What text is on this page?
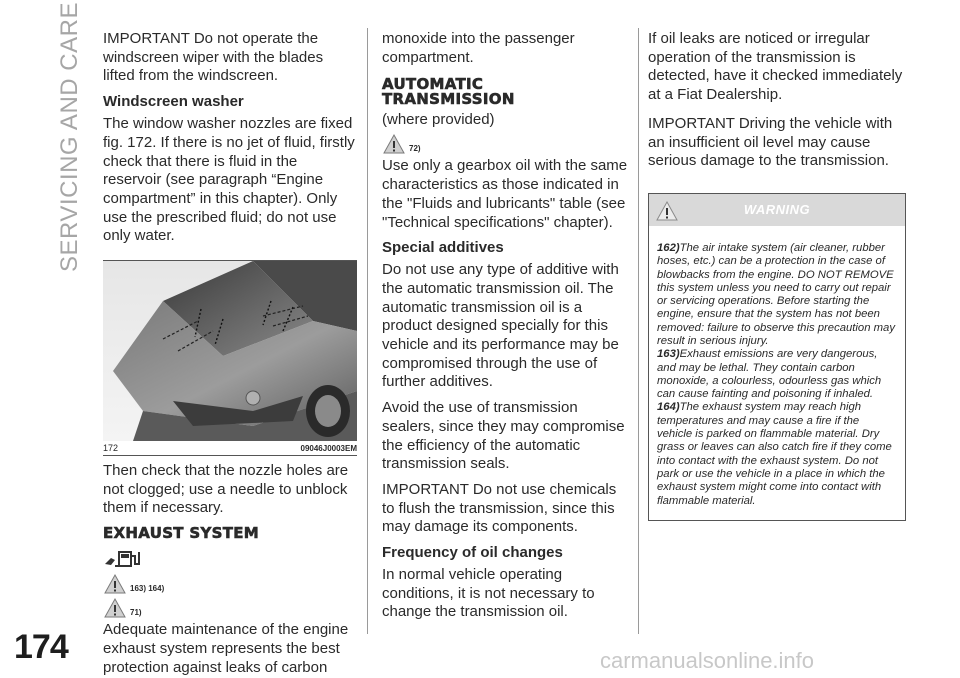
SERVICING AND CARE
174

IMPORTANT Do not operate the windscreen wiper with the blades lifted from the windscreen.

Windscreen washer

The window washer nozzles are fixed fig. 172. If there is no jet of fluid, firstly check that there is fluid in the reservoir (see paragraph “Engine compartment” in this chapter). Only use the prescribed fluid; do not use only water.

172	09046J0003EM

Then check that the nozzle holes are not clogged; use a needle to unblock them if necessary.

EXHAUST SYSTEM
163) 164)
71)

Adequate maintenance of the engine exhaust system represents the best protection against leaks of carbon

monoxide into the passenger compartment.

AUTOMATIC
TRANSMISSION
(where provided)
72)

Use only a gearbox oil with the same characteristics as those indicated in the "Fluids and lubricants" table (see "Technical specifications" chapter).

Special additives

Do not use any type of additive with the automatic transmission oil. The automatic transmission oil is a product designed specially for this vehicle and its performance may be compromised through the use of further additives.

Avoid the use of transmission sealers, since they may compromise the efficiency of the automatic transmission seals.

IMPORTANT Do not use chemicals to flush the transmission, since this may damage its components.

Frequency of oil changes

In normal vehicle operating conditions, it is not necessary to change the transmission oil.

If oil leaks are noticed or irregular operation of the transmission is detected, have it checked immediately at a Fiat Dealership.

IMPORTANT Driving the vehicle with an insufficient oil level may cause serious damage to the transmission.

WARNING

162)The air intake system (air cleaner, rubber hoses, etc.) can be a protection in the case of blowbacks from the engine. DO NOT REMOVE this system unless you need to carry out repair or servicing operations. Before starting the engine, ensure that the system has not been removed: failure to observe this precaution may result in serious injury.

163)Exhaust emissions are very dangerous, and may be lethal. They contain carbon monoxide, a colourless, odourless gas which can cause fainting and poisoning if inhaled.

164)The exhaust system may reach high temperatures and may cause a fire if the vehicle is parked on flammable material. Dry grass or leaves can also catch fire if they come into contact with the exhaust system. Do not park or use the vehicle in a place in which the exhaust system might come into contact with flammable material.

carmanualsonline.info
